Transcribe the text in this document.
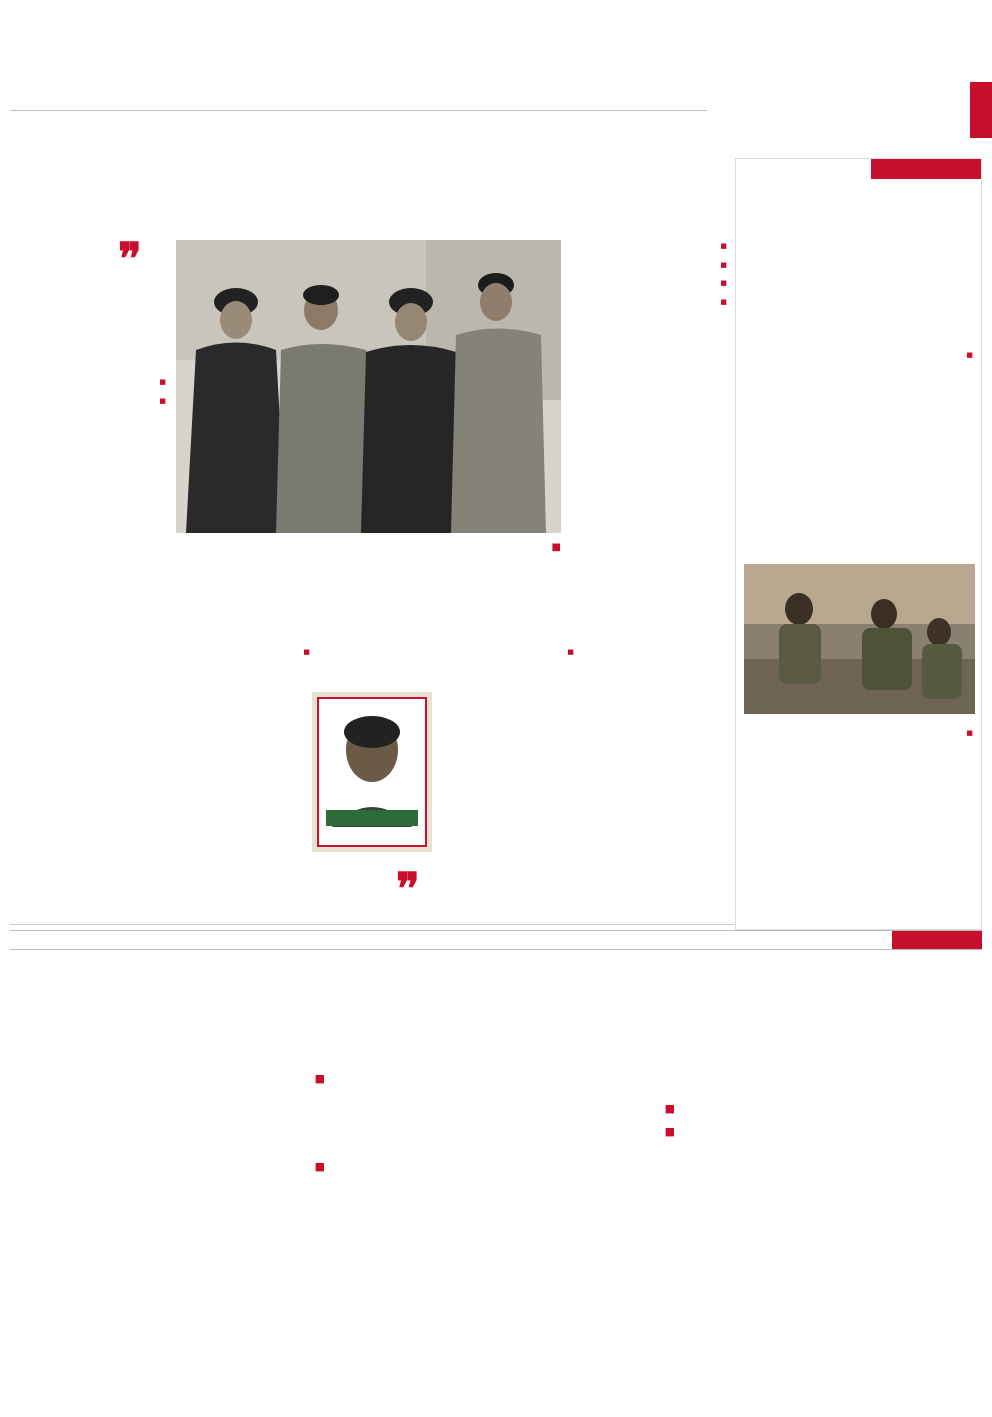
■
■
❞
■
■
■
■
■
■
■
■
❞
■
■
■
■
■
